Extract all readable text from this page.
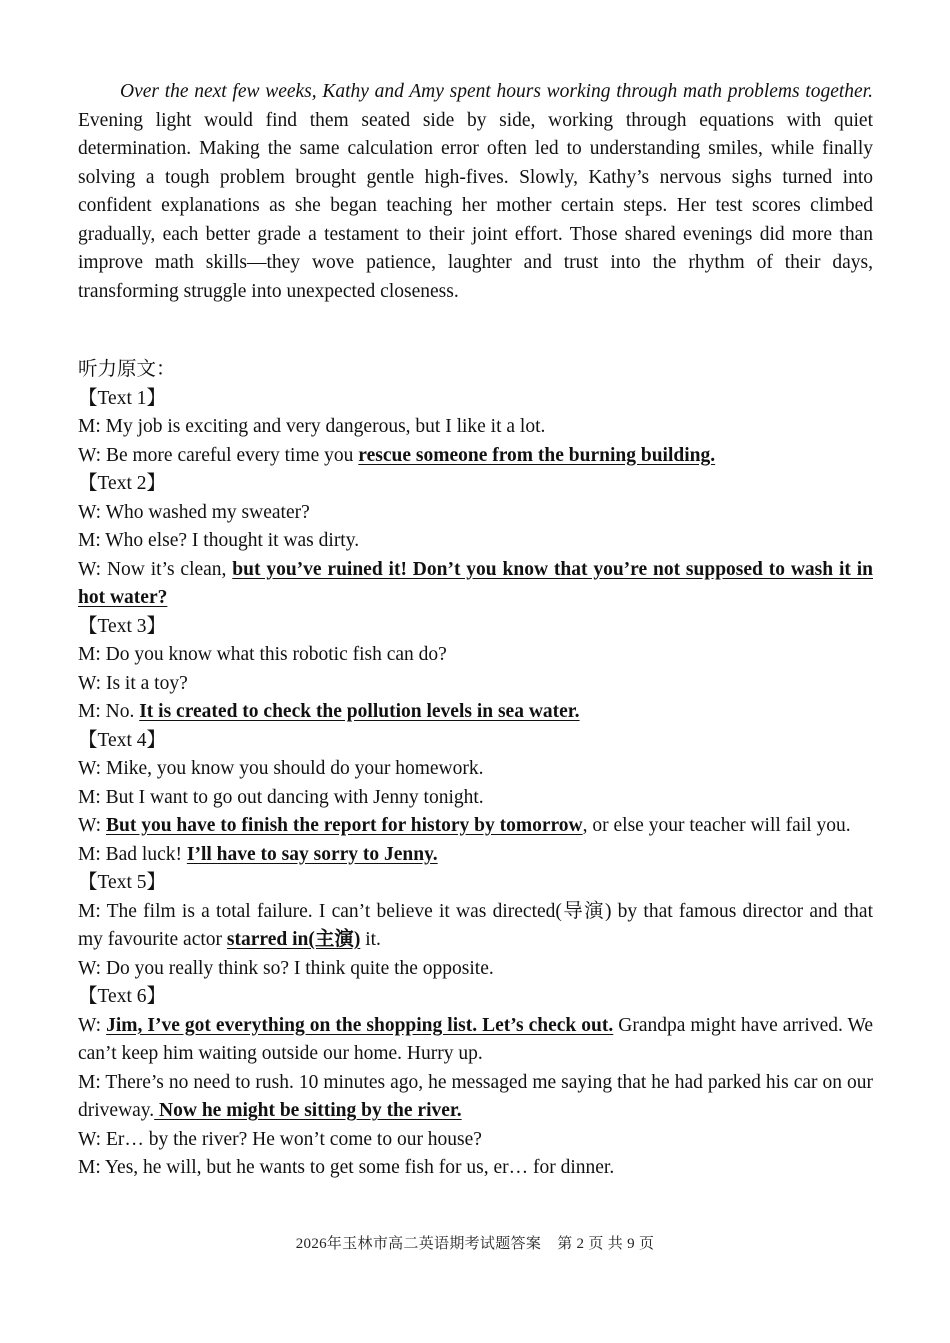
Over the next few weeks, Kathy and Amy spent hours working through math problems together. Evening light would find them seated side by side, working through equations with quiet determination. Making the same calculation error often led to understanding smiles, while finally solving a tough problem brought gentle high-fives. Slowly, Kathy’s nervous sighs turned into confident explanations as she began teaching her mother certain steps. Her test scores climbed gradually, each better grade a testament to their joint effort. Those shared evenings did more than improve math skills—they wove patience, laughter and trust into the rhythm of their days, transforming struggle into unexpected closeness.

听力原文：

【Text 1】

M: My job is exciting and very dangerous, but I like it a lot.

W: Be more careful every time you rescue someone from the burning building.

【Text 2】

W: Who washed my sweater?

M: Who else? I thought it was dirty.

W: Now it’s clean, but you’ve ruined it! Don’t you know that you’re not supposed to wash it in hot water?

【Text 3】

M: Do you know what this robotic fish can do?

W: Is it a toy?

M: No. It is created to check the pollution levels in sea water.

【Text 4】

W: Mike, you know you should do your homework.

M: But I want to go out dancing with Jenny tonight.

W: But you have to finish the report for history by tomorrow, or else your teacher will fail you.

M: Bad luck! I’ll have to say sorry to Jenny.

【Text 5】

M: The film is a total failure. I can’t believe it was directed(导演) by that famous director and that my favourite actor starred in(主演) it.

W: Do you really think so? I think quite the opposite.

【Text 6】

W: Jim, I’ve got everything on the shopping list. Let’s check out. Grandpa might have arrived. We can’t keep him waiting outside our home. Hurry up.

M: There’s no need to rush. 10 minutes ago, he messaged me saying that he had parked his car on our driveway. Now he might be sitting by the river.

W: Er… by the river? He won’t come to our house?

M: Yes, he will, but he wants to get some fish for us, er… for dinner.

2026年玉林市高二英语期考试题答案 第 2 页 共 9 页
